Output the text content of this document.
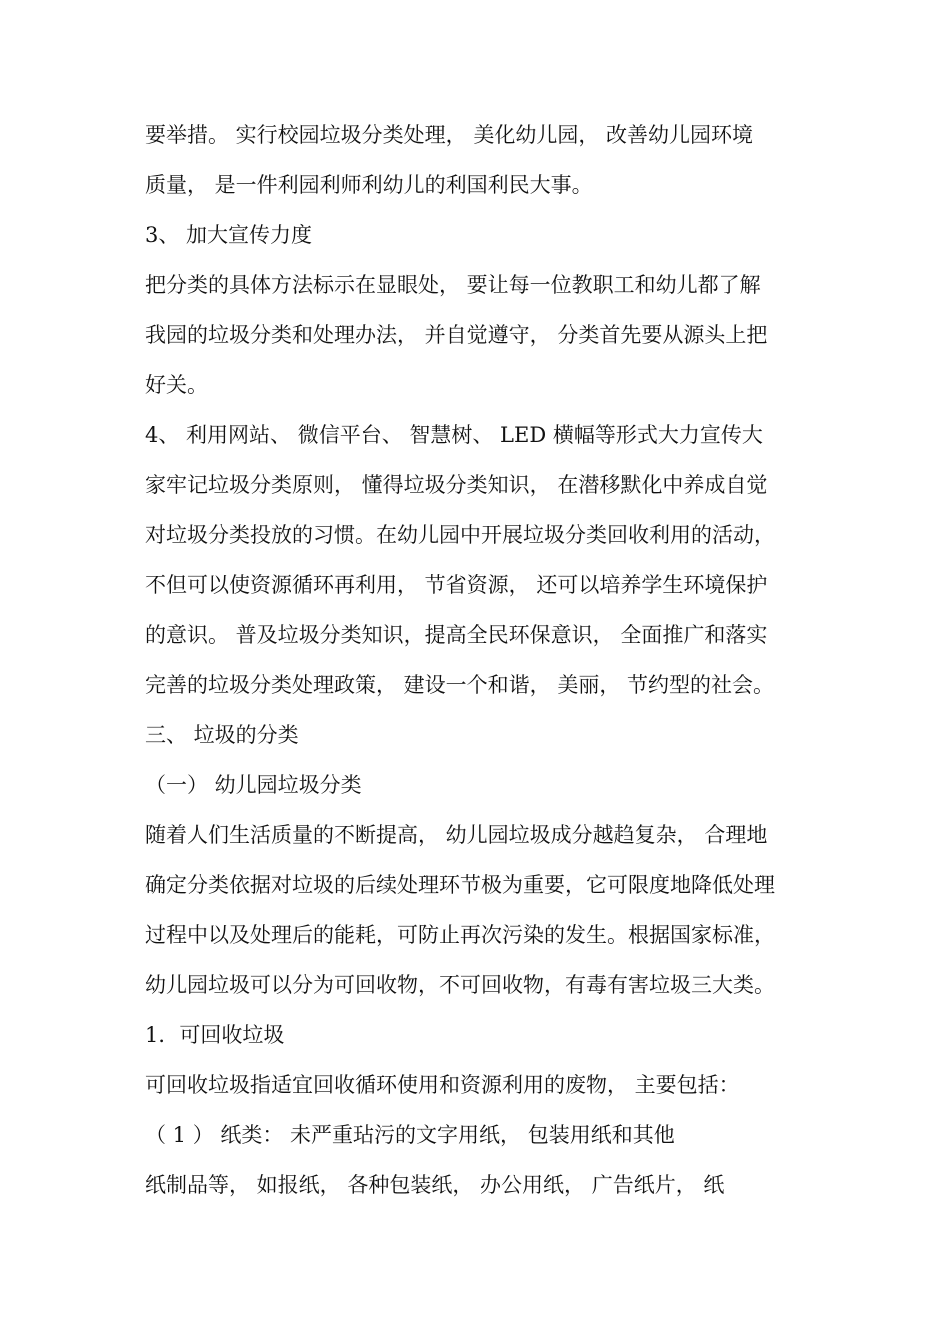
要举措。 实行校园垃圾分类处理， 美化幼儿园， 改善幼儿园环境
质量， 是一件利园利师利幼儿的利国利民大事。
3、 加大宣传力度
把分类的具体方法标示在显眼处， 要让每一位教职工和幼儿都了解
我园的垃圾分类和处理办法， 并自觉遵守， 分类首先要从源头上把
好关。
4、 利用网站、 微信平台、 智慧树、 LED 横幅等形式大力宣传大
家牢记垃圾分类原则， 懂得垃圾分类知识， 在潜移默化中养成自觉
对垃圾分类投放的习惯。在幼儿园中开展垃圾分类回收利用的活动，
不但可以使资源循环再利用， 节省资源， 还可以培养学生环境保护
的意识。 普及垃圾分类知识，提高全民环保意识， 全面推广和落实
完善的垃圾分类处理政策， 建设一个和谐， 美丽， 节约型的社会。
三、 垃圾的分类
（一） 幼儿园垃圾分类
随着人们生活质量的不断提高， 幼儿园垃圾成分越趋复杂， 合理地
确定分类依据对垃圾的后续处理环节极为重要，它可限度地降低处理
过程中以及处理后的能耗，可防止再次污染的发生。根据国家标准，
幼儿园垃圾可以分为可回收物，不可回收物，有毒有害垃圾三大类。
1．可回收垃圾
可回收垃圾指适宜回收循环使用和资源利用的废物， 主要包括：
（ 1 ） 纸类： 未严重玷污的文字用纸， 包装用纸和其他
纸制品等， 如报纸， 各种包装纸， 办公用纸， 广告纸片， 纸
